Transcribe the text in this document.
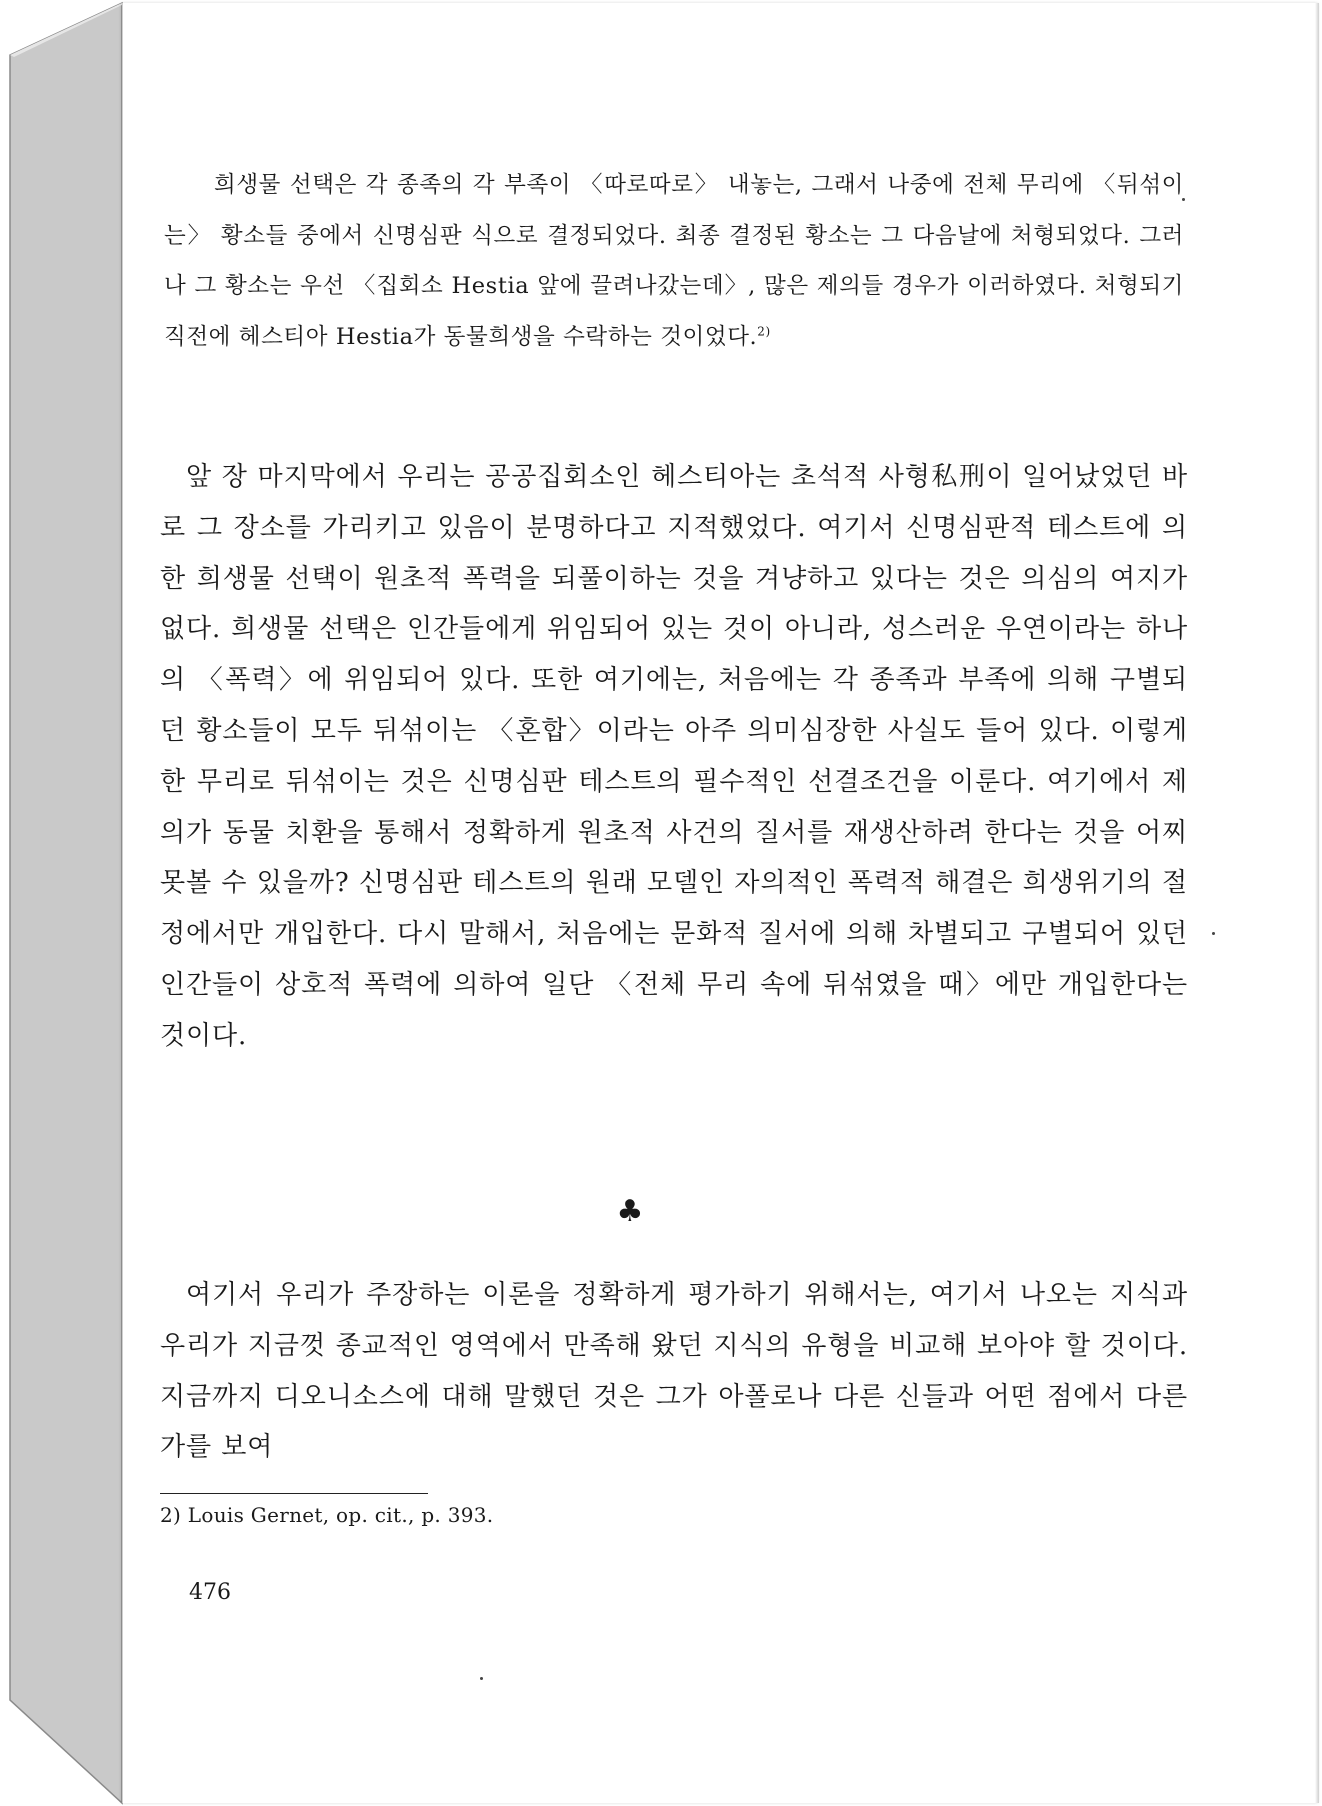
희생물 선택은 각 종족의 각 부족이 〈따로따로〉 내놓는, 그래서 나중에 전체 무리에 〈뒤섞이는〉 황소들 중에서 신명심판 식으로 결정되었다. 최종 결정된 황소는 그 다음날에 처형되었다. 그러나 그 황소는 우선 〈집회소 Hestia 앞에 끌려나갔는데〉, 많은 제의들 경우가 이러하였다. 처형되기 직전에 헤스티아 Hestia가 동물희생을 수락하는 것이었다.$^{2)}$

앞 장 마지막에서 우리는 공공집회소인 헤스티아는 초석적 사형私刑이 일어났었던 바로 그 장소를 가리키고 있음이 분명하다고 지적했었다. 여기서 신명심판적 테스트에 의한 희생물 선택이 원초적 폭력을 되풀이하는 것을 겨냥하고 있다는 것은 의심의 여지가 없다. 희생물 선택은 인간들에게 위임되어 있는 것이 아니라, 성스러운 우연이라는 하나의 〈폭력〉에 위임되어 있다. 또한 여기에는, 처음에는 각 종족과 부족에 의해 구별되던 황소들이 모두 뒤섞이는 〈혼합〉이라는 아주 의미심장한 사실도 들어 있다. 이렇게 한 무리로 뒤섞이는 것은 신명심판 테스트의 필수적인 선결조건을 이룬다. 여기에서 제의가 동물 치환을 통해서 정확하게 원초적 사건의 질서를 재생산하려 한다는 것을 어찌 못볼 수 있을까? 신명심판 테스트의 원래 모델인 자의적인 폭력적 해결은 희생위기의 절정에서만 개입한다. 다시 말해서, 처음에는 문화적 질서에 의해 차별되고 구별되어 있던 인간들이 상호적 폭력에 의하여 일단 〈전체 무리 속에 뒤섞였을 때〉에만 개입한다는 것이다.

♣

여기서 우리가 주장하는 이론을 정확하게 평가하기 위해서는, 여기서 나오는 지식과 우리가 지금껏 종교적인 영역에서 만족해 왔던 지식의 유형을 비교해 보아야 할 것이다. 지금까지 디오니소스에 대해 말했던 것은 그가 아폴로나 다른 신들과 어떤 점에서 다른가를 보여

2) Louis Gernet, op. cit., p. 393.
476
